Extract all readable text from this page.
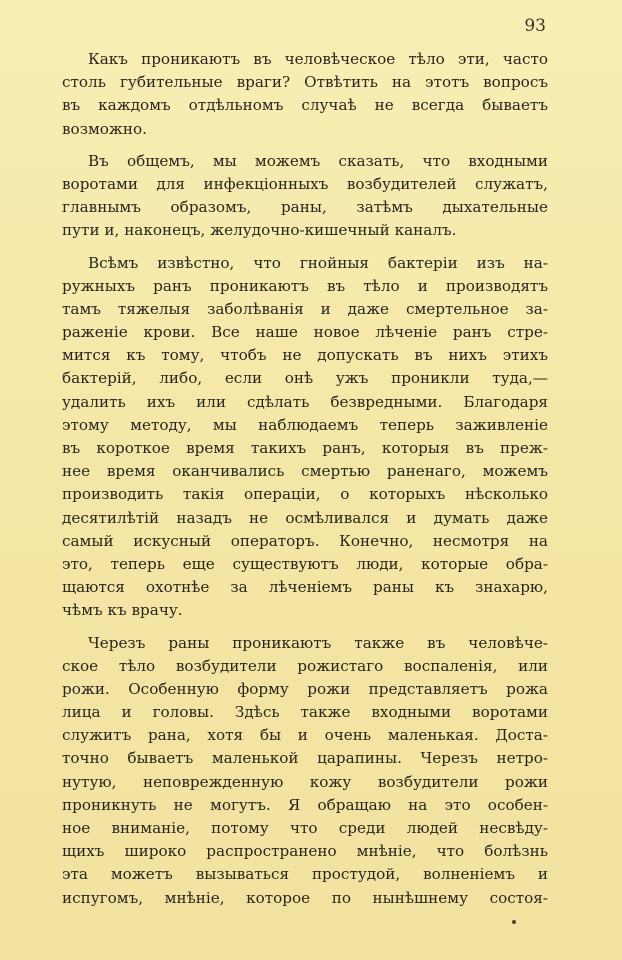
93
Какъ проникаютъ въ человѣческое тѣло эти, часто
столь губительные враги? Отвѣтить на этотъ вопросъ
въ каждомъ отдѣльномъ случаѣ не всегда бываетъ
возможно.
Въ общемъ, мы можемъ сказать, что входными
воротами для инфекціонныхъ возбудителей служатъ,
главнымъ образомъ, раны, затѣмъ дыхательные
пути и, наконецъ, желудочно-кишечный каналъ.
Всѣмъ извѣстно, что гнойныя бактеріи изъ на-
ружныхъ ранъ проникаютъ въ тѣло и производятъ
тамъ тяжелыя заболѣванія и даже смертельное за-
раженіе крови. Все наше новое лѣченіе ранъ стре-
мится къ тому, чтобъ не допускать въ нихъ этихъ
бактерій, либо, если онѣ ужъ проникли туда,—
удалить ихъ или сдѣлать безвредными. Благодаря
этому методу, мы наблюдаемъ теперь заживленіе
въ короткое время такихъ ранъ, которыя въ преж-
нее время оканчивались смертью раненаго, можемъ
производить такія операціи, о которыхъ нѣсколько
десятилѣтій назадъ не осмѣливался и думать даже
самый искусный операторъ. Конечно, несмотря на
это, теперь еще существуютъ люди, которые обра-
щаются охотнѣе за лѣченіемъ раны къ знахарю,
чѣмъ къ врачу.
Черезъ раны проникаютъ также въ человѣче-
ское тѣло возбудители рожистаго воспаленія, или
рожи. Особенную форму рожи представляетъ рожа
лица и головы. Здѣсь также входными воротами
служитъ рана, хотя бы и очень маленькая. Доста-
точно бываетъ маленькой царапины. Черезъ нетро-
нутую, неповрежденную кожу возбудители рожи
проникнуть не могутъ. Я обращаю на это особен-
ное вниманіе, потому что среди людей несвѣду-
щихъ широко распространено мнѣніе, что болѣзнь
эта можетъ вызываться простудой, волненіемъ и
испугомъ, мнѣніе, которое по нынѣшнему состоя-
